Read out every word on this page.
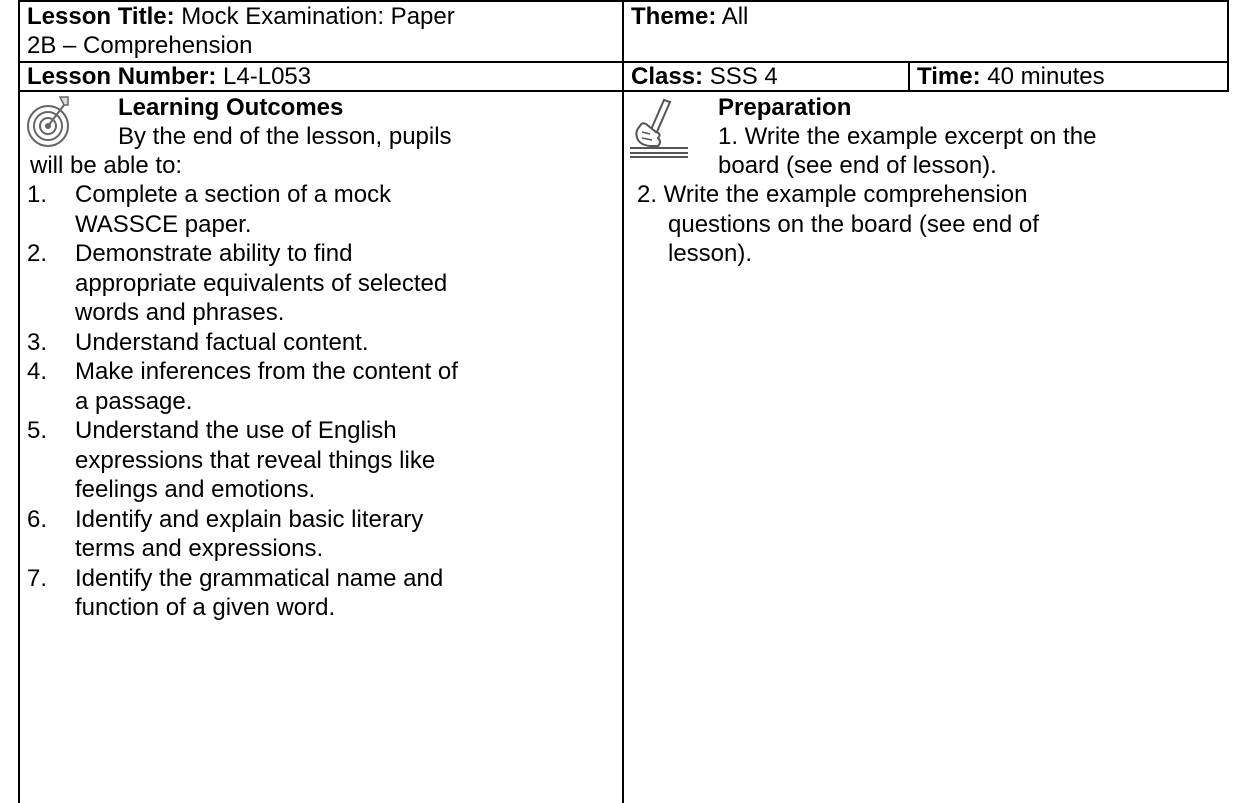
Lesson Title: Mock Examination: Paper
2B – Comprehension
Theme: All
Lesson Number: L4-L053	Class: SSS 4	Time: 40 minutes
Learning Outcomes
By the end of the lesson, pupils
will be able to:
1. Complete a section of a mock
WASSCE paper.
2. Demonstrate ability to find
appropriate equivalents of selected
words and phrases.
3. Understand factual content.
4. Make inferences from the content of
a passage.
5. Understand the use of English
expressions that reveal things like
feelings and emotions.
6. Identify and explain basic literary
terms and expressions.
7. Identify the grammatical name and
function of a given word.
Preparation
1. Write the example excerpt on the
board (see end of lesson).
2. Write the example comprehension
questions on the board (see end of
lesson).
